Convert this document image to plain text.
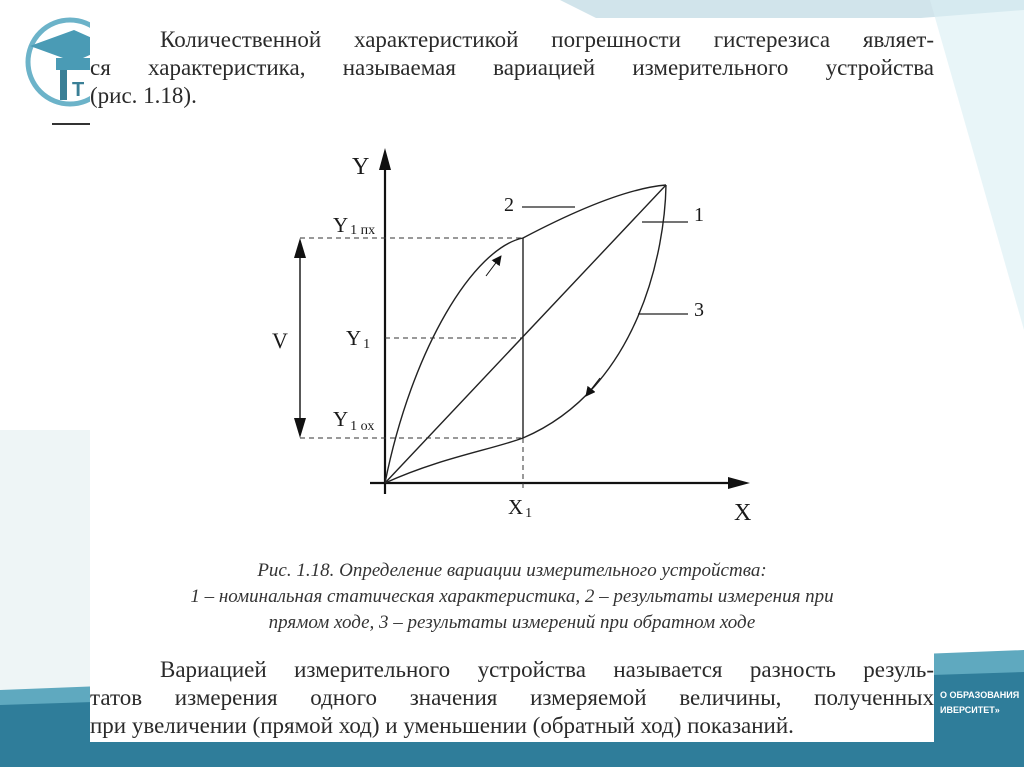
T
О ОБРАЗОВАНИЯ
ИВЕРСИТЕТ»

Количественной характеристикой погрешности гистерезиса являет-
ся характеристика, называемая вариацией измерительного устройства
(рис. 1.18).

Y
X
Y 1 пх
Y 1
Y 1 ох
X 1
V
2	1
3
Рис. 1.18. Определение вариации измерительного устройства:
1 – номинальная статическая характеристика, 2 – результаты измерения при
прямом ходе, 3 – результаты измерений при обратном ходе

Вариацией измерительного устройства называется разность резуль-
татов измерения одного значения измеряемой величины, полученных
при увеличении (прямой ход) и уменьшении (обратный ход) показаний.
